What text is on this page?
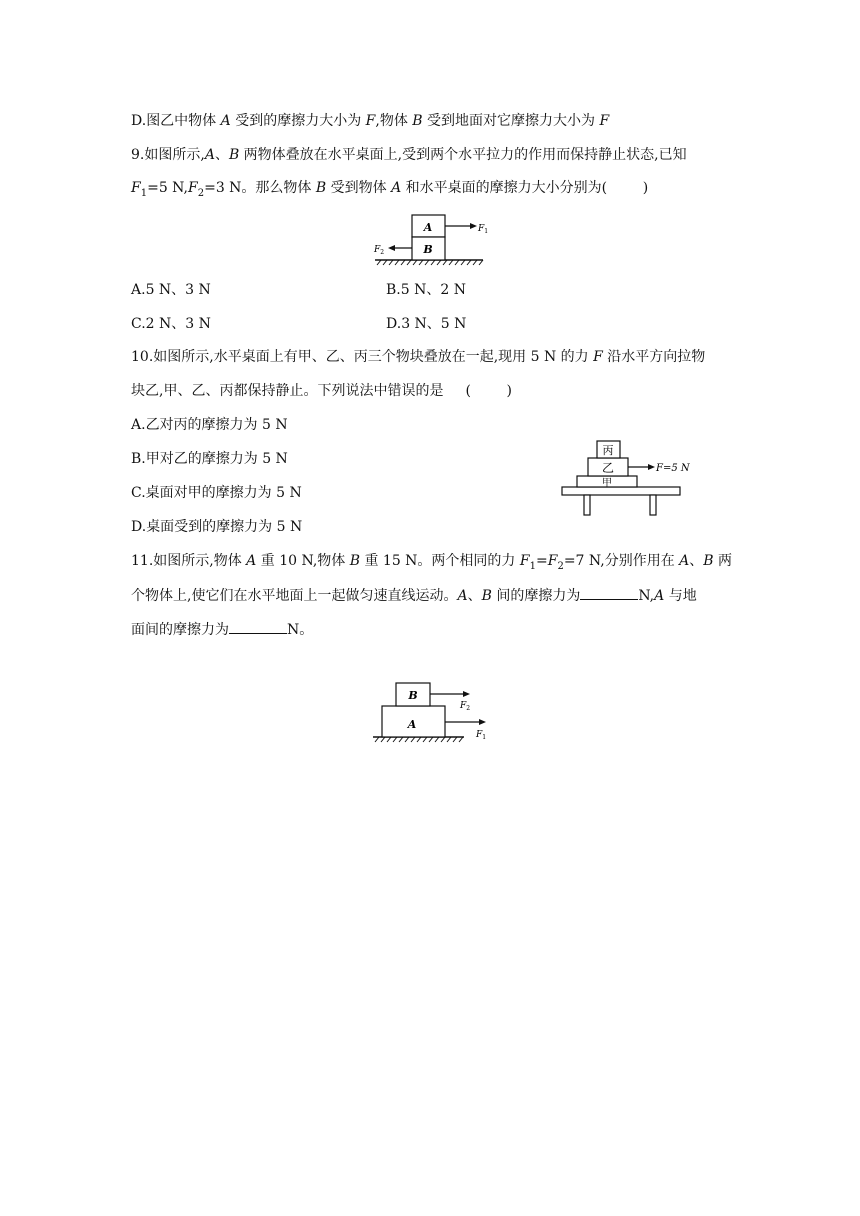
D.图乙中物体 A 受到的摩擦力大小为 F,物体 B 受到地面对它摩擦力大小为 F
9.如图所示,A、B 两物体叠放在水平桌面上,受到两个水平拉力的作用而保持静止状态,已知
$F_1=5$ $N,F_2=3$ N。那么物体 B 受到物体 A 和水平桌面的摩擦力大小分别为(	)
A
B
$F_1$
$F_2$
A.5 N、3 N	B.5 N、2 N
C.2 N、3 N	D.3 N、5 N
10.如图所示,水平桌面上有甲、乙、丙三个物块叠放在一起,现用 5 N 的力 F 沿水平方向拉物
块乙,甲、乙、丙都保持静止。下列说法中错误的是 (        )
A.乙对丙的摩擦力为 5 N
B.甲对乙的摩擦力为 5 N
C.桌面对甲的摩擦力为 5 N
D.桌面受到的摩擦力为 5 N
丙
乙
甲
F=5 N
11.如图所示,物体 A 重 10 N,物体 B 重 15 N。两个相同的力 $F_1=F_2=7$ N,分别作用在 A、B 两
个物体上,使它们在水平地面上一起做匀速直线运动。A、B 间的摩擦力为	N,A 与地
面间的摩擦力为	N。
B
A
$F_2$
$F_1$
